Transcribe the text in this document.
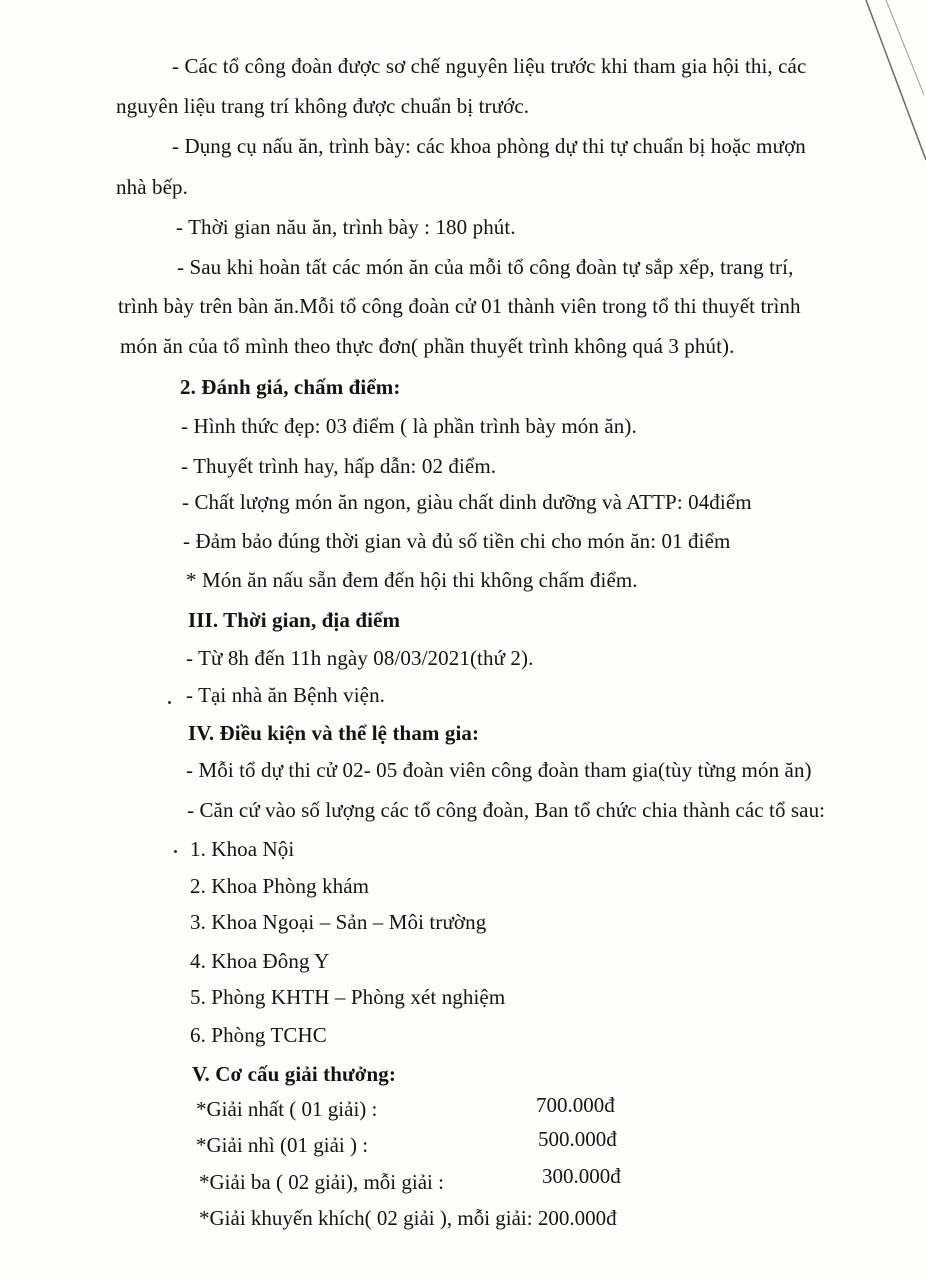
- Các tổ công đoàn được sơ chế nguyên liệu trước khi tham gia hội thi, các
nguyên liệu trang trí không được chuẩn bị trước.
- Dụng cụ nấu ăn, trình bày: các khoa phòng dự thi tự chuẩn bị hoặc mượn
nhà bếp.
- Thời gian nău ăn, trình bày : 180 phút.
- Sau khi hoàn tất các món ăn của mỗi tổ công đoàn tự sắp xếp, trang trí,
trình bày trên bàn ăn.Mỗi tổ công đoàn cử 01 thành viên trong tổ thi thuyết trình
món ăn của tổ mình theo thực đơn( phần thuyết trình không quá 3 phút).
2. Đánh giá, chấm điểm:
- Hình thức đẹp: 03 điểm ( là phần trình bày món ăn).
- Thuyết trình hay, hấp dẫn: 02 điểm.
- Chất lượng món ăn ngon, giàu chất dinh dưỡng và ATTP: 04điểm
- Đảm bảo đúng thời gian và đủ số tiền chi cho món ăn: 01 điểm
* Món ăn nấu sẵn đem đến hội thi không chấm điểm.
III. Thời gian, địa điểm
- Từ 8h đến 11h ngày 08/03/2021(thứ 2).
- Tại nhà ăn Bệnh viện.
IV. Điều kiện và thể lệ tham gia:
- Mỗi tổ dự thi cử 02- 05 đoàn viên công đoàn tham gia(tùy từng món ăn)
- Căn cứ vào số lượng các tổ công đoàn, Ban tổ chức chia thành các tổ sau:
1. Khoa Nội
2. Khoa Phòng khám
3. Khoa Ngoại – Sản – Môi trường
4. Khoa Đông Y
5. Phòng KHTH – Phòng xét nghiệm
6. Phòng TCHC
V. Cơ cấu giải thưởng:
*Giải nhất ( 01 giải) :	700.000đ
*Giải nhì (01 giải ) :	500.000đ
*Giải ba ( 02 giải), mỗi giải :	300.000đ
*Giải khuyến khích( 02 giải ), mỗi giải: 200.000đ
